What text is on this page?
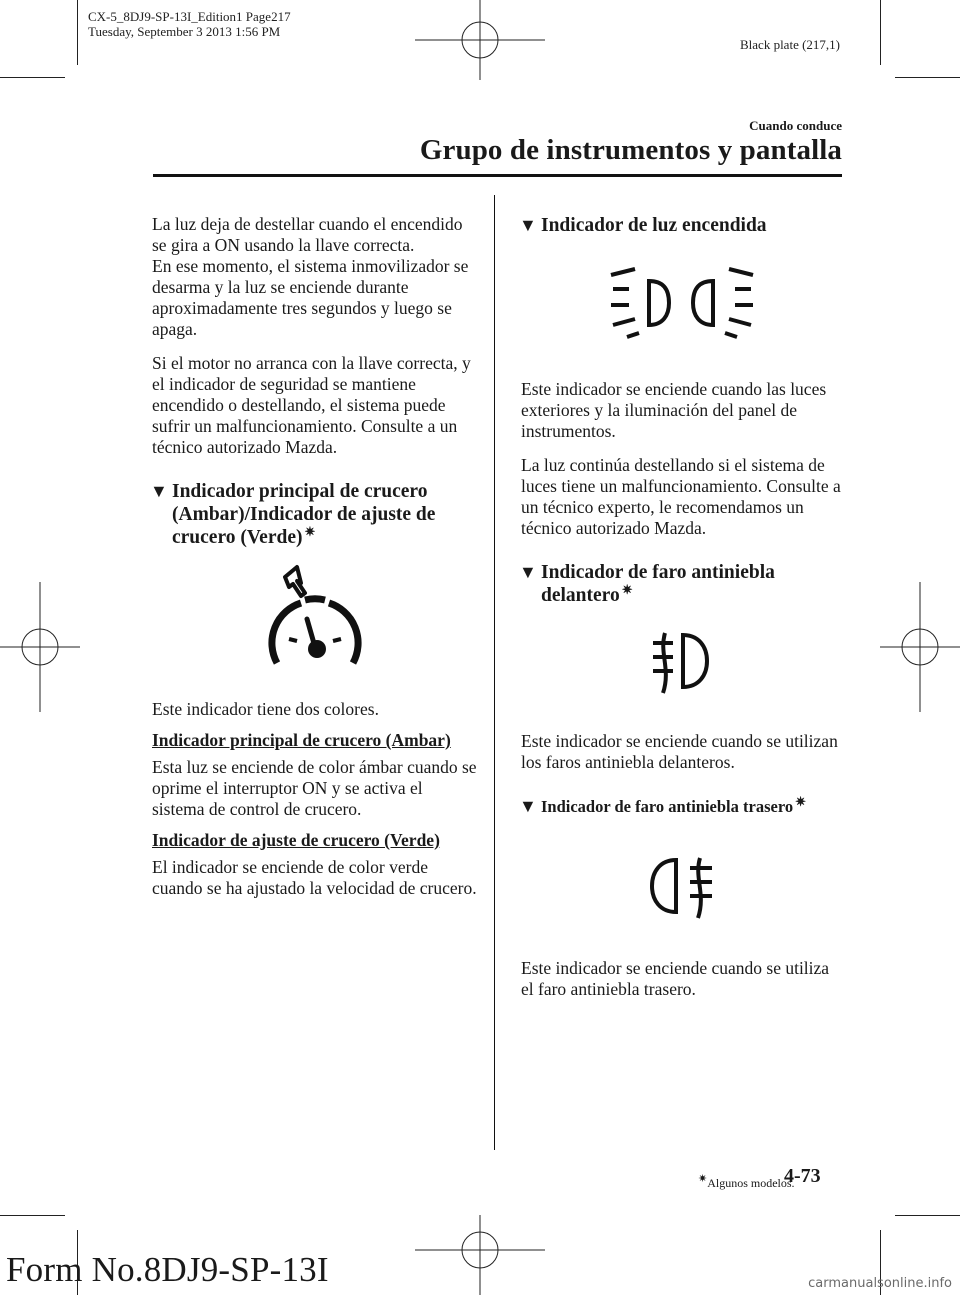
CX-5_8DJ9-SP-13I_Edition1 Page217
Tuesday, September 3 2013 1:56 PM
Black plate (217,1)
Cuando conduce
Grupo de instrumentos y pantalla

La luz deja de destellar cuando el encendido se gira a ON usando la llave correcta.

En ese momento, el sistema inmovilizador se desarma y la luz se enciende durante aproximadamente tres segundos y luego se apaga.

Si el motor no arranca con la llave correcta, y el indicador de seguridad se mantiene encendido o destellando, el sistema puede sufrir un malfuncionamiento. Consulte a un técnico autorizado Mazda.

▼ Indicador principal de crucero (Ambar)/Indicador de ajuste de crucero (Verde) ✷

Este indicador tiene dos colores.

Indicador principal de crucero (Ambar)

Esta luz se enciende de color ámbar cuando se oprime el interruptor ON y se activa el sistema de control de crucero.

Indicador de ajuste de crucero (Verde)

El indicador se enciende de color verde cuando se ha ajustado la velocidad de crucero.

▼ Indicador de luz encendida

Este indicador se enciende cuando las luces exteriores y la iluminación del panel de instrumentos.

La luz continúa destellando si el sistema de luces tiene un malfuncionamiento. Consulte a un técnico experto, le recomendamos un técnico autorizado Mazda.

▼ Indicador de faro antiniebla delantero ✷

Este indicador se enciende cuando se utilizan los faros antiniebla delanteros.

▼ Indicador de faro antiniebla trasero ✷

Este indicador se enciende cuando se utiliza el faro antiniebla trasero.

✷Algunos modelos.
4-73
Form No.8DJ9-SP-13I	carmanualsonline.info
